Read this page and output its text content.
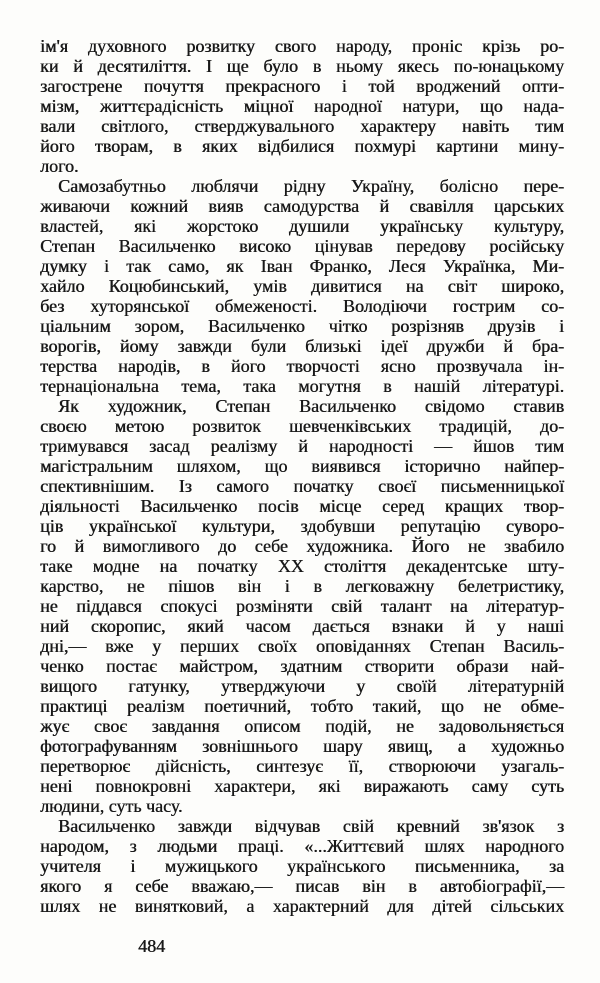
ім'я духовного розвитку свого народу, проніс крізь ро-
ки й десятиліття. І ще було в ньому якесь по-юнацькому
загострене почуття прекрасного і той вроджений опти-
мізм, життєрадісність міцної народної натури, що нада-
вали світлого, стверджувального характеру навіть тим
його творам, в яких відбилися похмурі картини мину-
лого.
Самозабутньо люблячи рідну Україну, болісно пере-
живаючи кожний вияв самодурства й свавілля царських
властей, які жорстоко душили українську культуру,
Степан Васильченко високо цінував передову російську
думку і так само, як Іван Франко, Леся Українка, Ми-
хайло Коцюбинський, умів дивитися на світ широко,
без хуторянської обмеженості. Володіючи гострим со-
ціальним зором, Васильченко чітко розрізняв друзів і
ворогів, йому завжди були близькі ідеї дружби й бра-
терства народів, в його творчості ясно прозвучала ін-
тернаціональна тема, така могутня в нашій літературі.
Як художник, Степан Васильченко свідомо ставив
своєю метою розвиток шевченківських традицій, до-
тримувався засад реалізму й народності — йшов тим
магістральним шляхом, що виявився історично найпер-
спективнішим. Із самого початку своєї письменницької
діяльності Васильченко посів місце серед кращих твор-
ців української культури, здобувши репутацію суворо-
го й вимогливого до себе художника. Його не звабило
таке модне на початку XX століття декадентське шту-
карство, не пішов він і в легковажну белетристику,
не піддався спокусі розміняти свій талант на літератур-
ний скоропис, який часом дається взнаки й у наші
дні,— вже у перших своїх оповіданнях Степан Василь-
ченко постає майстром, здатним створити образи най-
вищого гатунку, утверджуючи у своїй літературній
практиці реалізм поетичний, тобто такий, що не обме-
жує своє завдання описом подій, не задовольняється
фотографуванням зовнішнього шару явищ, а художньо
перетворює дійсність, синтезує її, створюючи узагаль-
нені повнокровні характери, які виражають саму суть
людини, суть часу.
Васильченко завжди відчував свій кревний зв'язок з
народом, з людьми праці. «...Життєвий шлях народного
учителя і мужицького українського письменника, за
якого я себе вважаю,— писав він в автобіографії,—
шлях не винятковий, а характерний для дітей сільських
484
